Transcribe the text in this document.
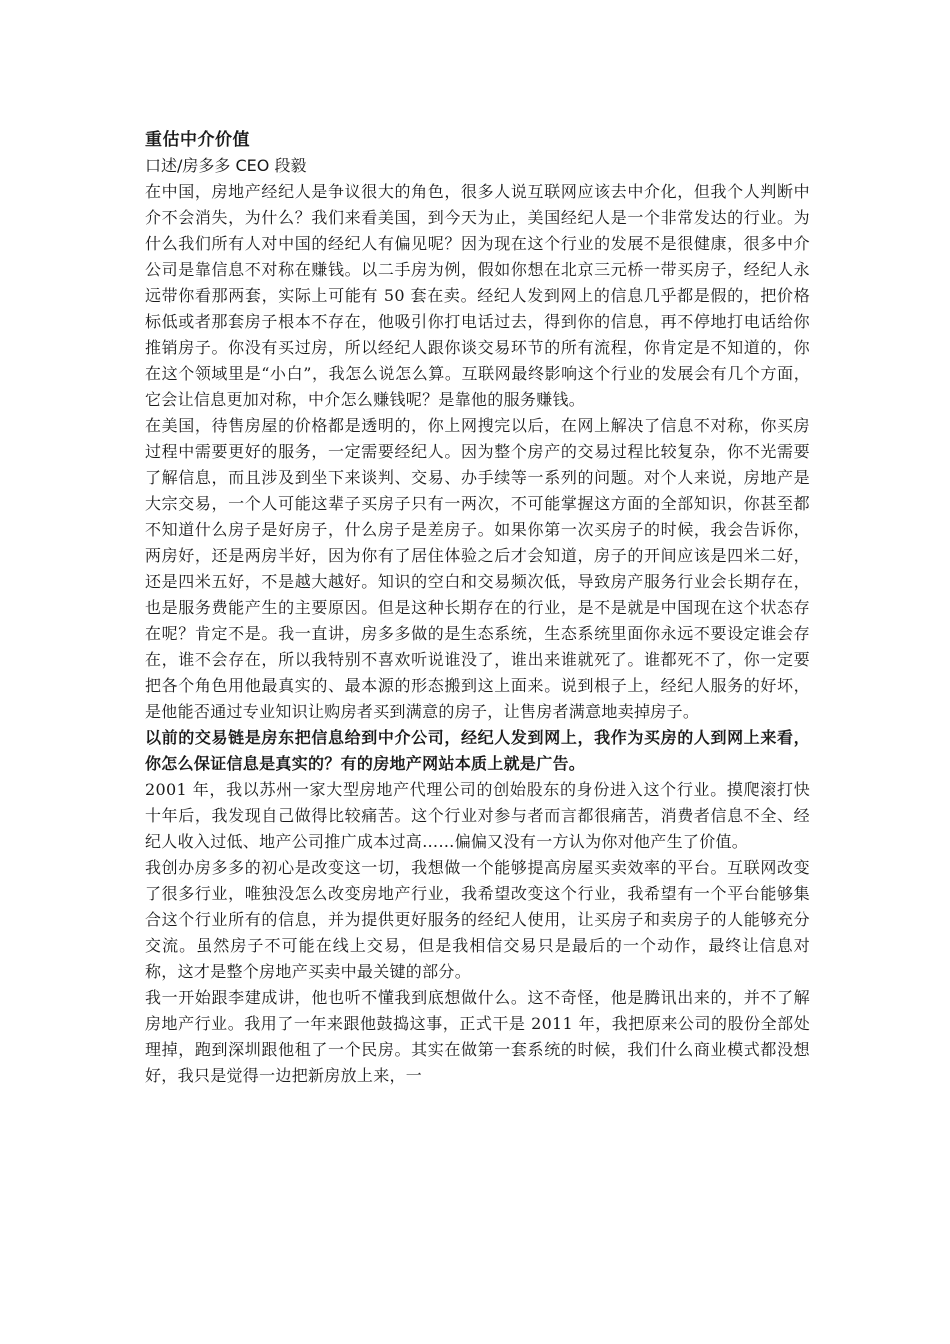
重估中介价值

口述/房多多 CEO 段毅

在中国，房地产经纪人是争议很大的角色，很多人说互联网应该去中介化，但我个人判断中介不会消失，为什么？我们来看美国，到今天为止，美国经纪人是一个非常发达的行业。为什么我们所有人对中国的经纪人有偏见呢？因为现在这个行业的发展不是很健康，很多中介公司是靠信息不对称在赚钱。以二手房为例，假如你想在北京三元桥一带买房子，经纪人永远带你看那两套，实际上可能有 50 套在卖。经纪人发到网上的信息几乎都是假的，把价格标低或者那套房子根本不存在，他吸引你打电话过去，得到你的信息，再不停地打电话给你推销房子。你没有买过房，所以经纪人跟你谈交易环节的所有流程，你肯定是不知道的，你在这个领域里是“小白”，我怎么说怎么算。互联网最终影响这个行业的发展会有几个方面，它会让信息更加对称，中介怎么赚钱呢？是靠他的服务赚钱。

在美国，待售房屋的价格都是透明的，你上网搜完以后，在网上解决了信息不对称，你买房过程中需要更好的服务，一定需要经纪人。因为整个房产的交易过程比较复杂，你不光需要了解信息，而且涉及到坐下来谈判、交易、办手续等一系列的问题。对个人来说，房地产是大宗交易，一个人可能这辈子买房子只有一两次，不可能掌握这方面的全部知识，你甚至都不知道什么房子是好房子，什么房子是差房子。如果你第一次买房子的时候，我会告诉你，两房好，还是两房半好，因为你有了居住体验之后才会知道，房子的开间应该是四米二好，还是四米五好，不是越大越好。知识的空白和交易频次低，导致房产服务行业会长期存在，也是服务费能产生的主要原因。但是这种长期存在的行业，是不是就是中国现在这个状态存在呢？肯定不是。我一直讲，房多多做的是生态系统，生态系统里面你永远不要设定谁会存在，谁不会存在，所以我特别不喜欢听说谁没了，谁出来谁就死了。谁都死不了，你一定要把各个角色用他最真实的、最本源的形态搬到这上面来。说到根子上，经纪人服务的好坏，是他能否通过专业知识让购房者买到满意的房子，让售房者满意地卖掉房子。

以前的交易链是房东把信息给到中介公司，经纪人发到网上，我作为买房的人到网上来看，你怎么保证信息是真实的？有的房地产网站本质上就是广告。

2001 年，我以苏州一家大型房地产代理公司的创始股东的身份进入这个行业。摸爬滚打快十年后，我发现自己做得比较痛苦。这个行业对参与者而言都很痛苦，消费者信息不全、经纪人收入过低、地产公司推广成本过高……偏偏又没有一方认为你对他产生了价值。

我创办房多多的初心是改变这一切，我想做一个能够提高房屋买卖效率的平台。互联网改变了很多行业，唯独没怎么改变房地产行业，我希望改变这个行业，我希望有一个平台能够集合这个行业所有的信息，并为提供更好服务的经纪人使用，让买房子和卖房子的人能够充分交流。虽然房子不可能在线上交易，但是我相信交易只是最后的一个动作，最终让信息对称，这才是整个房地产买卖中最关键的部分。

我一开始跟李建成讲，他也听不懂我到底想做什么。这不奇怪，他是腾讯出来的，并不了解房地产行业。我用了一年来跟他鼓捣这事，正式干是 2011 年，我把原来公司的股份全部处理掉，跑到深圳跟他租了一个民房。其实在做第一套系统的时候，我们什么商业模式都没想好，我只是觉得一边把新房放上来，一
